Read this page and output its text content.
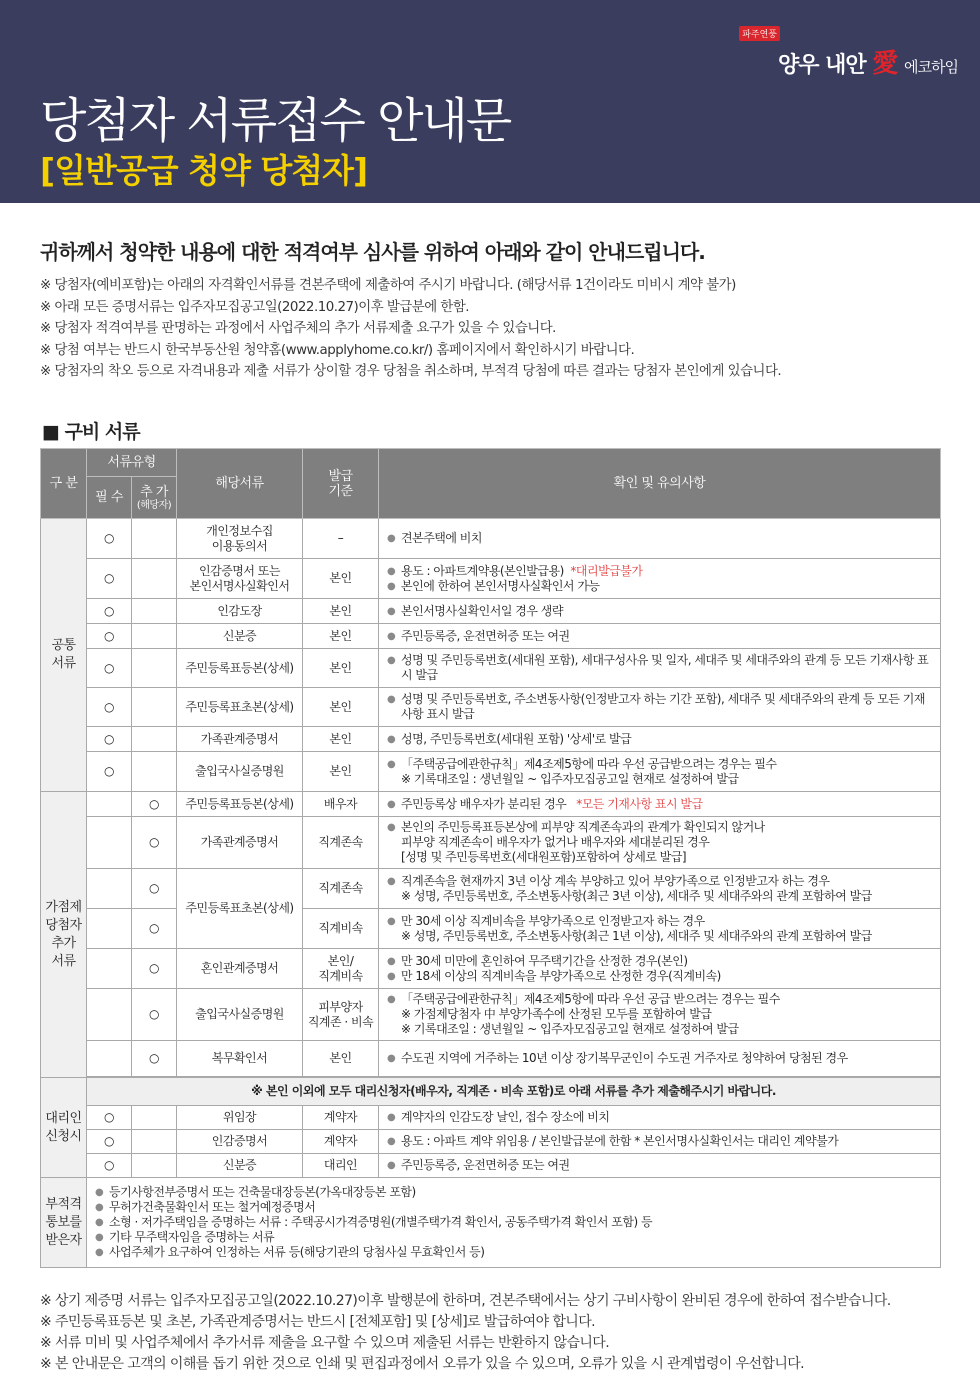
파주연풍
양우 내안 愛 에코하임
당첨자 서류접수 안내문
[일반공급 청약 당첨자]
귀하께서 청약한 내용에 대한 적격여부 심사를 위하여 아래와 같이 안내드립니다.
※ 당첨자(예비포함)는 아래의 자격확인서류를 견본주택에 제출하여 주시기 바랍니다. (해당서류 1건이라도 미비시 계약 불가)
※ 아래 모든 증명서류는 입주자모집공고일(2022.10.27)이후 발급분에 한함.
※ 당첨자 적격여부를 판명하는 과정에서 사업주체의 추가 서류제출 요구가 있을 수 있습니다.
※ 당첨 여부는 반드시 한국부동산원 청약홈(www.applyhome.co.kr/) 홈페이지에서 확인하시기 바랍니다.
※ 당첨자의 착오 등으로 자격내용과 제출 서류가 상이할 경우 당첨을 취소하며, 부적격 당첨에 따른 결과는 당첨자 본인에게 있습니다.
■ 구비 서류
구 분	서류유형		해당서류	발급
기준	확인 및 유의사항
	필 수	추 가
(해당자)			

공통
서류	○		개인정보수집
이용동의서	–	● 견본주택에 비치

	○		인감증명서 또는
본인서명사실확인서	본인	● 용도 : 아파트계약용(본인발급용) *대리발급불가
● 본인에 한하여 본인서명사실확인서 가능

	○		인감도장	본인	● 본인서명사실확인서일 경우 생략

	○		신분증	본인	● 주민등록증, 운전면허증 또는 여권

	○		주민등록표등본(상세)	본인	● 성명 및 주민등록번호(세대원 포함), 세대구성사유 및 일자, 세대주 및 세대주와의 관계 등 모든 기재사항 표시 발급

	○		주민등록표초본(상세)	본인	● 성명 및 주민등록번호, 주소변동사항(인정받고자 하는 기간 포함), 세대주 및 세대주와의 관계 등 모든 기재사항 표시 발급

	○		가족관계증명서	본인	● 성명, 주민등록번호(세대원 포함) '상세'로 발급

	○		출입국사실증명원	본인	● 「주택공급에관한규칙」제4조제5항에 따라 우선 공급받으려는 경우는 필수
※ 기록대조일 : 생년월일 ~ 입주자모집공고일 현재로 설정하여 발급

가점제
당첨자
추가
서류		○	주민등록표등본(상세)	배우자	● 주민등록상 배우자가 분리된 경우 *모든 기재사항 표시 발급

		○	가족관계증명서	직계존속	● 본인의 주민등록표등본상에 피부양 직계존속과의 관계가 확인되지 않거나
피부양 직계존속이 배우자가 없거나 배우자와 세대분리된 경우
[성명 및 주민등록번호(세대원포함)포함하여 상세로 발급]

		○	주민등록표초본(상세)	직계존속	● 직계존속을 현재까지 3년 이상 계속 부양하고 있어 부양가족으로 인정받고자 하는 경우
※ 성명, 주민등록번호, 주소변동사항(최근 3년 이상), 세대주 및 세대주와의 관계 포함하여 발급

		○		직계비속	● 만 30세 이상 직계비속을 부양가족으로 인정받고자 하는 경우
※ 성명, 주민등록번호, 주소변동사항(최근 1년 이상), 세대주 및 세대주와의 관계 포함하여 발급

		○	혼인관계증명서	본인/
직계비속	● 만 30세 미만에 혼인하여 무주택기간을 산정한 경우(본인)
● 만 18세 이상의 직계비속을 부양가족으로 산정한 경우(직계비속)

		○	출입국사실증명원	피부양자
직계존 · 비속	● 「주택공급에관한규칙」제4조제5항에 따라 우선 공급 받으려는 경우는 필수
※ 가점제당첨자 中 부양가족수에 산정된 모두를 포함하여 발급
※ 기록대조일 : 생년월일 ~ 입주자모집공고일 현재로 설정하여 발급

		○	복무확인서	본인	● 수도권 지역에 거주하는 10년 이상 장기복무군인이 수도권 거주자로 청약하여 당첨된 경우

대리인
신청시	※ 본인 이외에 모두 대리신청자(배우자, 직계존 · 비속 포함)로 아래 서류를 추가 제출해주시기 바랍니다.				
	○		위임장	계약자	● 계약자의 인감도장 날인, 접수 장소에 비치

	○		인감증명서	계약자	● 용도 : 아파트 계약 위임용 / 본인발급분에 한함 * 본인서명사실확인서는 대리인 계약불가

	○		신분증	대리인	● 주민등록증, 운전면허증 또는 여권

부적격
통보를
받은자	● 등기사항전부증명서 또는 건축물대장등본(가옥대장등본 포함)
● 무허가건축물확인서 또는 철거예정증명서
● 소형 · 저가주택임을 증명하는 서류 : 주택공시가격증명원(개별주택가격 확인서, 공동주택가격 확인서 포함) 등
● 기타 무주택자임을 증명하는 서류
● 사업주체가 요구하여 인정하는 서류 등(해당기관의 당첨사실 무효확인서 등)
※ 상기 제증명 서류는 입주자모집공고일(2022.10.27)이후 발행분에 한하며, 견본주택에서는 상기 구비사항이 완비된 경우에 한하여 접수받습니다.
※ 주민등록표등본 및 초본, 가족관계증명서는 반드시 [전체포함] 및 [상세]로 발급하여야 합니다.
※ 서류 미비 및 사업주체에서 추가서류 제출을 요구할 수 있으며 제출된 서류는 반환하지 않습니다.
※ 본 안내문은 고객의 이해를 돕기 위한 것으로 인쇄 및 편집과정에서 오류가 있을 수 있으며, 오류가 있을 시 관계법령이 우선합니다.
